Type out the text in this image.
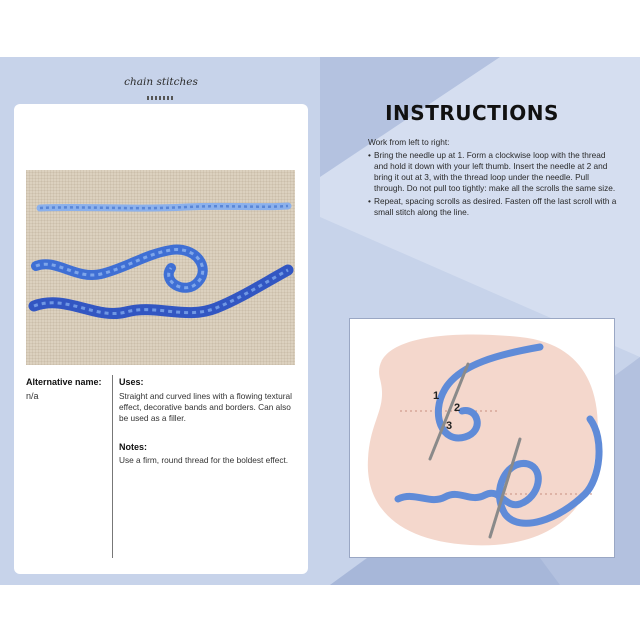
chain stitches
Alternative name:
n/a
Uses:
Straight and curved lines with a flowing textural effect, decorative bands and borders. Can also be used as a filler.
Notes:
Use a firm, round thread for the boldest effect.
INSTRUCTIONS
Work from left to right:
• Bring the needle up at 1. Form a clockwise loop with the thread and hold it down with your left thumb. Insert the needle at 2 and bring it out at 3, with the thread loop under the needle. Pull through. Do not pull too tightly: make all the scrolls the same size.
• Repeat, spacing scrolls as desired. Fasten off the last scroll with a small stitch along the line.
1
2
3
